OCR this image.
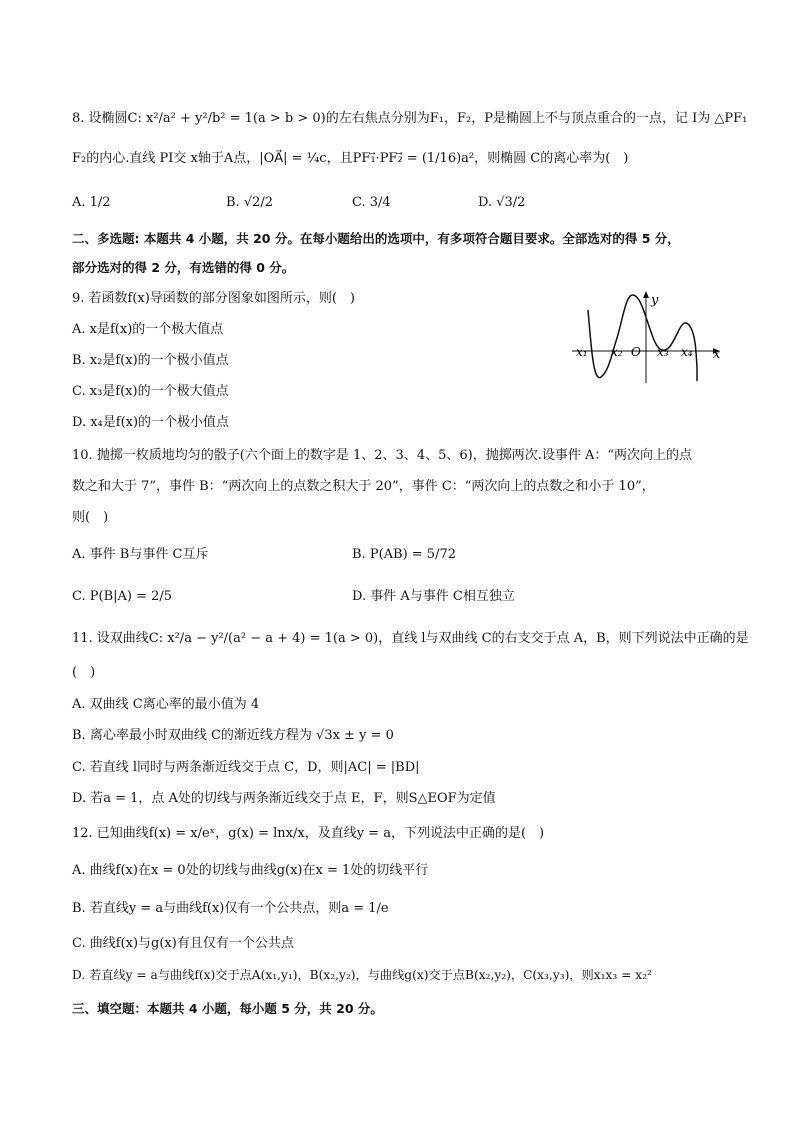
8. 设椭圆C: x²/a² + y²/b² = 1(a > b > 0)的左右焦点分别为F₁，F₂，P是椭圆上不与顶点重合的一点，记 I为 △PF₁
F₂的内心.直线 PI交 x轴于A点，|OA⃗| = ¼c，且PF₁⃗·PF₂⃗ = (1/16)a²，则椭圆 C的离心率为(　)
A. 1/2	B. √2/2	C. 3/4	D. √3/2
二、多选题: 本题共 4 小题，共 20 分。在每小题给出的选项中，有多项符合题目要求。全部选对的得 5 分，
部分选对的得 2 分，有选错的得 0 分。
9. 若函数f(x)导函数的部分图象如图所示，则(　)
A. x是f(x)的一个极大值点
B. x₂是f(x)的一个极小值点
C. x₃是f(x)的一个极大值点
D. x₄是f(x)的一个极小值点
x₁ x₂ O x₃ x₄ x
y
10. 抛掷一枚质地均匀的骰子(六个面上的数字是 1、2、3、4、5、6)，抛掷两次.设事件 A：“两次向上的点
数之和大于 7”，事件 B：“两次向上的点数之积大于 20”，事件 C：“两次向上的点数之和小于 10”，
则(　)
A. 事件 B与事件 C互斥	B. P(AB) = 5/72
C. P(B|A) = 2/5	D. 事件 A与事件 C相互独立
11. 设双曲线C: x²/a − y²/(a² − a + 4) = 1(a > 0)，直线 l与双曲线 C的右支交于点 A，B，则下列说法中正确的是
(　)
A. 双曲线 C离心率的最小值为 4
B. 离心率最小时双曲线 C的渐近线方程为 √3x ± y = 0
C. 若直线 l同时与两条渐近线交于点 C，D，则|AC| = |BD|
D. 若a = 1，点 A处的切线与两条渐近线交于点 E，F，则S△EOF为定值
12. 已知曲线f(x) = x/eˣ，g(x) = lnx/x，及直线y = a，下列说法中正确的是(　)
A. 曲线f(x)在x = 0处的切线与曲线g(x)在x = 1处的切线平行
B. 若直线y = a与曲线f(x)仅有一个公共点，则a = 1/e
C. 曲线f(x)与g(x)有且仅有一个公共点
D. 若直线y = a与曲线f(x)交于点A(x₁,y₁)，B(x₂,y₂)，与曲线g(x)交于点B(x₂,y₂)，C(x₃,y₃)，则x₁x₃ = x₂²
三、填空题：本题共 4 小题，每小题 5 分，共 20 分。
